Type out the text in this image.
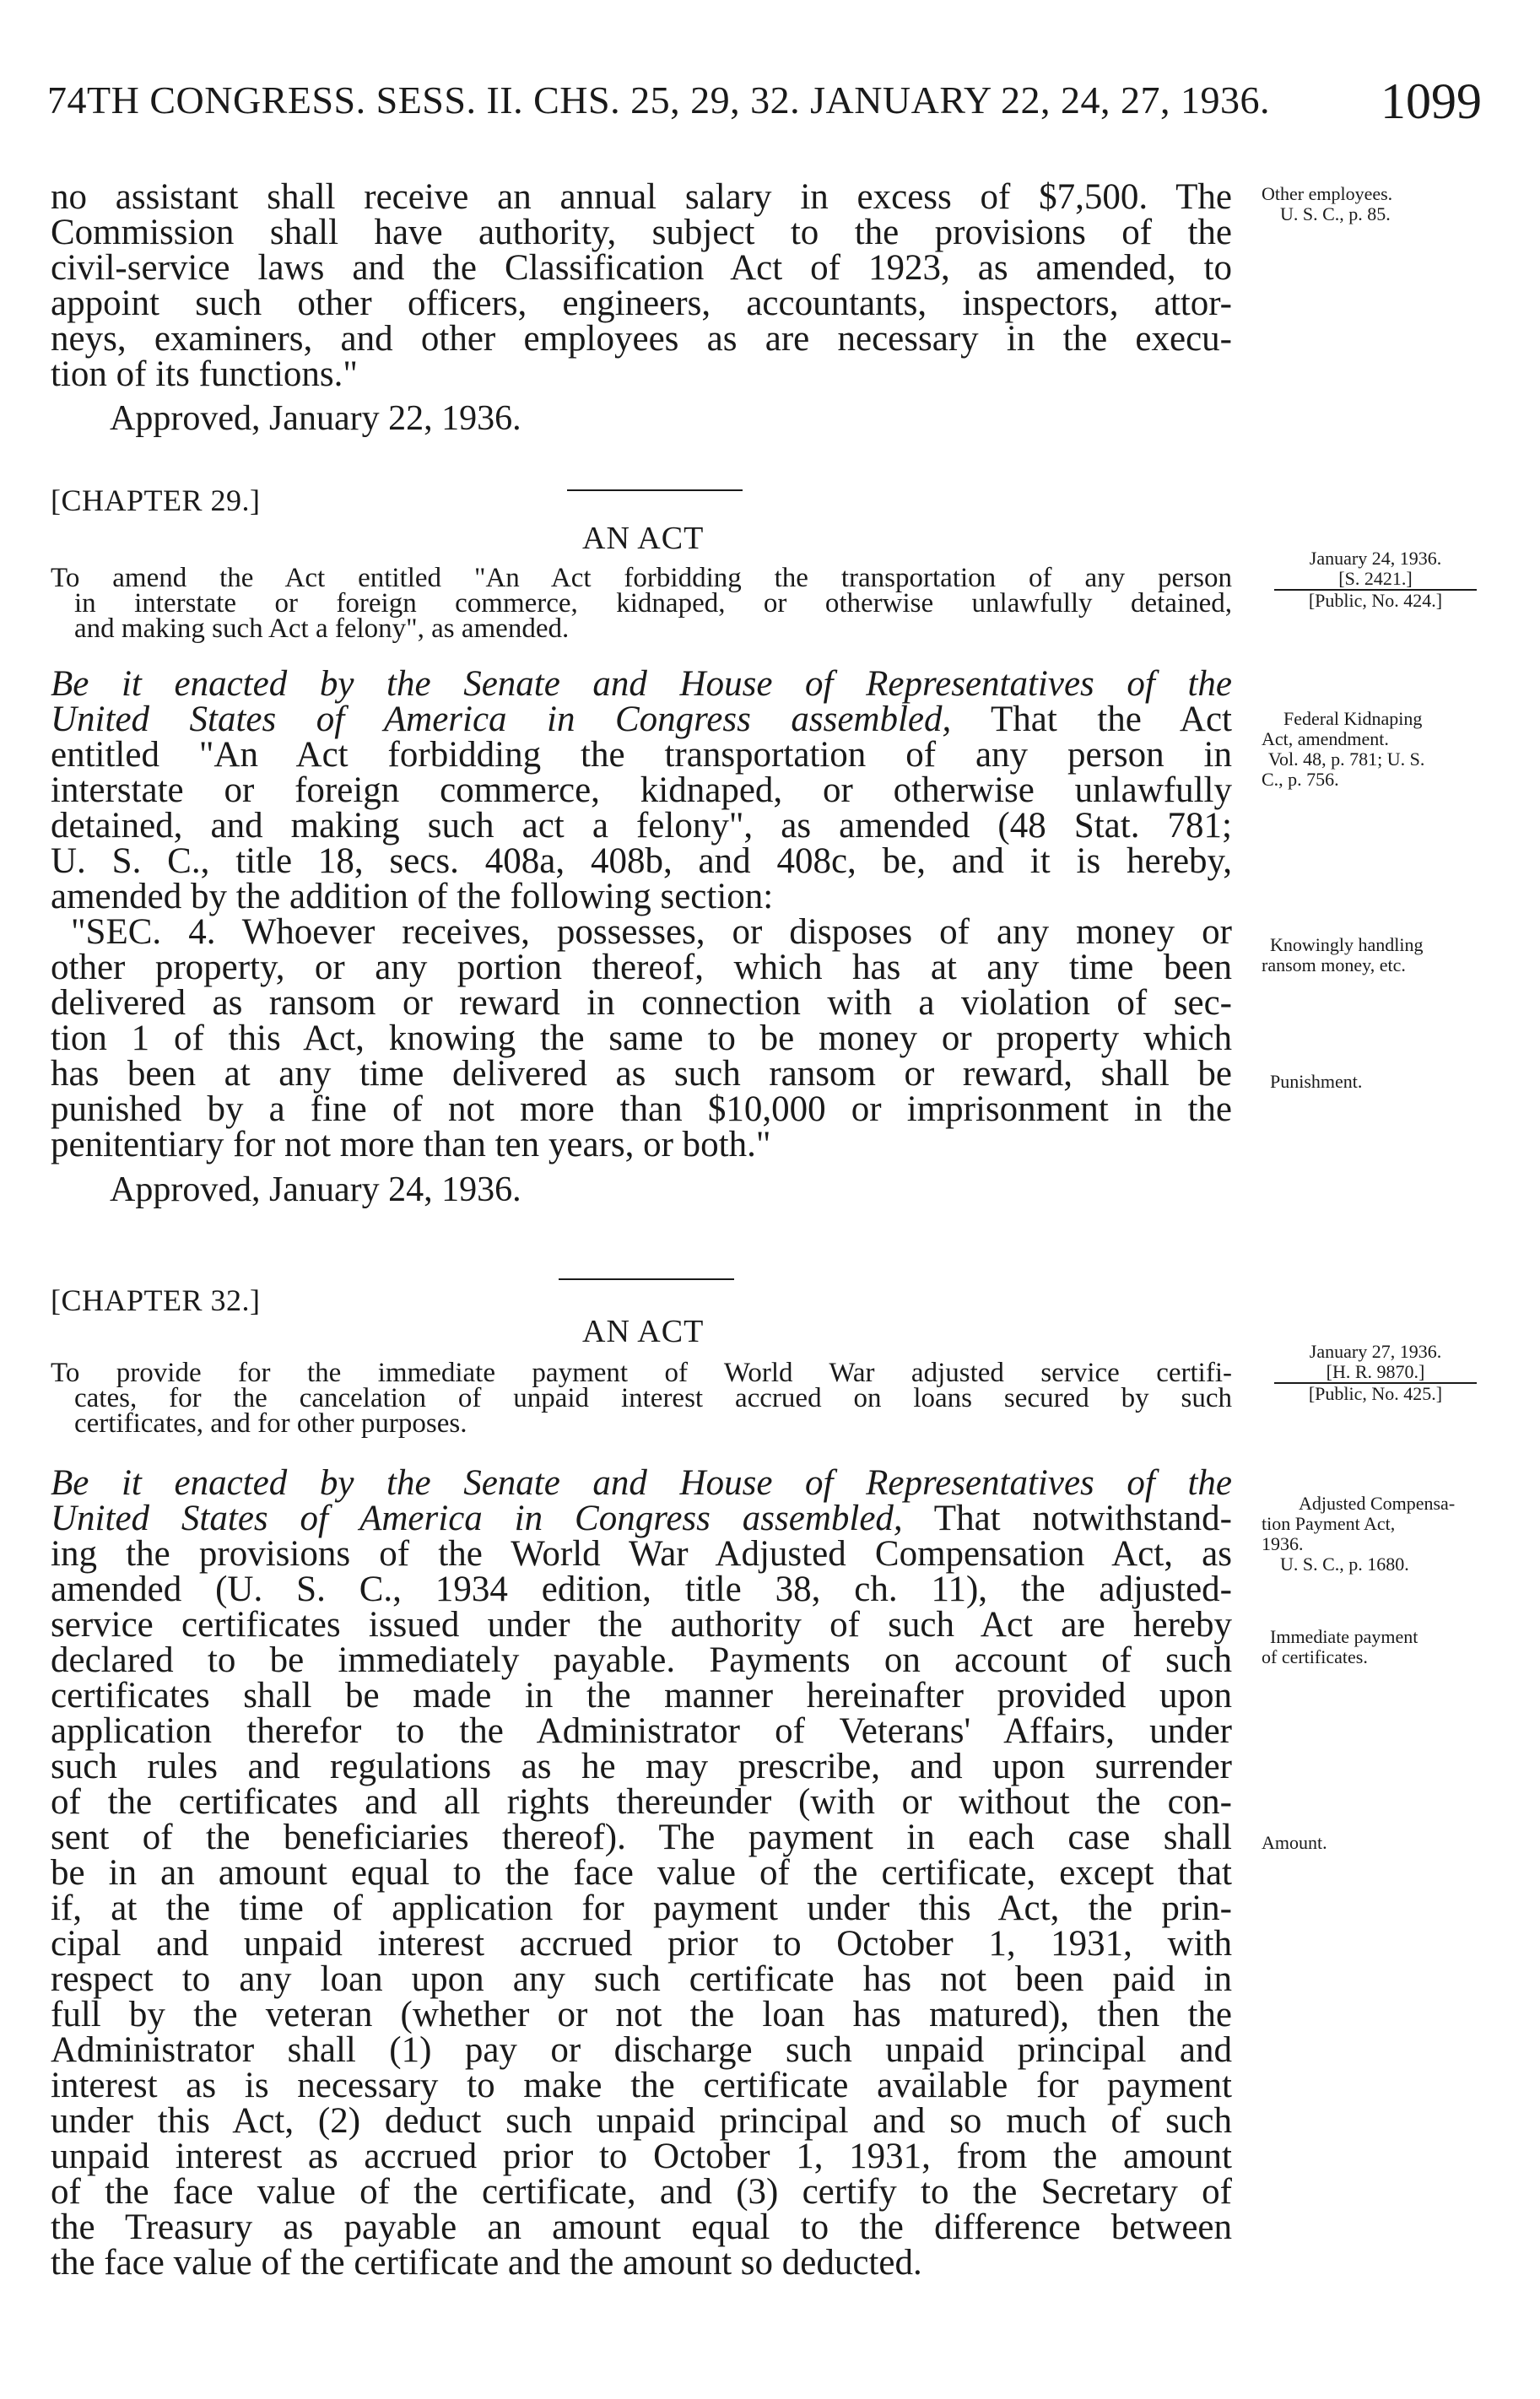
74TH CONGRESS. SESS. II. CHS. 25, 29, 32. JANUARY 22, 24, 27, 1936. 1099

no assistant shall receive an annual salary in excess of $7,500. The

Commission shall have authority, subject to the provisions of the

civil-service laws and the Classification Act of 1923, as amended, to

appoint such other officers, engineers, accountants, inspectors, attor-

neys, examiners, and other employees as are necessary in the execu-

tion of its functions."

Approved, January 22, 1936.

Other employees.

U. S. C., p. 85.

[CHAPTER 29.]
AN ACT

To amend the Act entitled "An Act forbidding the transportation of any person

in interstate or foreign commerce, kidnaped, or otherwise unlawfully detained,

and making such Act a felony", as amended.

January 24, 1936.

[S. 2421.]

[Public, No. 424.]

Be it enacted by the Senate and House of Representatives of the

United States of America in Congress assembled, That the Act

entitled "An Act forbidding the transportation of any person in

interstate or foreign commerce, kidnaped, or otherwise unlawfully

detained, and making such act a felony", as amended (48 Stat. 781;

U. S. C., title 18, secs. 408a, 408b, and 408c, be, and it is hereby,

amended by the addition of the following section:

"SEC. 4. Whoever receives, possesses, or disposes of any money or

other property, or any portion thereof, which has at any time been

delivered as ransom or reward in connection with a violation of sec-

tion 1 of this Act, knowing the same to be money or property which

has been at any time delivered as such ransom or reward, shall be

punished by a fine of not more than $10,000 or imprisonment in the

penitentiary for not more than ten years, or both."

Approved, January 24, 1936.

Federal Kidnaping

Act, amendment.

Vol. 48, p. 781; U. S.

C., p. 756.

Knowingly handling

ransom money, etc.

Punishment.

[CHAPTER 32.]
AN ACT

To provide for the immediate payment of World War adjusted service certifi-

cates, for the cancelation of unpaid interest accrued on loans secured by such

certificates, and for other purposes.

January 27, 1936.

[H. R. 9870.]

[Public, No. 425.]

Be it enacted by the Senate and House of Representatives of the

United States of America in Congress assembled, That notwithstand-

ing the provisions of the World War Adjusted Compensation Act, as

amended (U. S. C., 1934 edition, title 38, ch. 11), the adjusted-

service certificates issued under the authority of such Act are hereby

declared to be immediately payable. Payments on account of such

certificates shall be made in the manner hereinafter provided upon

application therefor to the Administrator of Veterans' Affairs, under

such rules and regulations as he may prescribe, and upon surrender

of the certificates and all rights thereunder (with or without the con-

sent of the beneficiaries thereof). The payment in each case shall

be in an amount equal to the face value of the certificate, except that

if, at the time of application for payment under this Act, the prin-

cipal and unpaid interest accrued prior to October 1, 1931, with

respect to any loan upon any such certificate has not been paid in

full by the veteran (whether or not the loan has matured), then the

Administrator shall (1) pay or discharge such unpaid principal and

interest as is necessary to make the certificate available for payment

under this Act, (2) deduct such unpaid principal and so much of such

unpaid interest as accrued prior to October 1, 1931, from the amount

of the face value of the certificate, and (3) certify to the Secretary of

the Treasury as payable an amount equal to the difference between

the face value of the certificate and the amount so deducted.

Adjusted Compensa-

tion Payment Act,

1936.

U. S. C., p. 1680.

Immediate payment

of certificates.

Amount.
